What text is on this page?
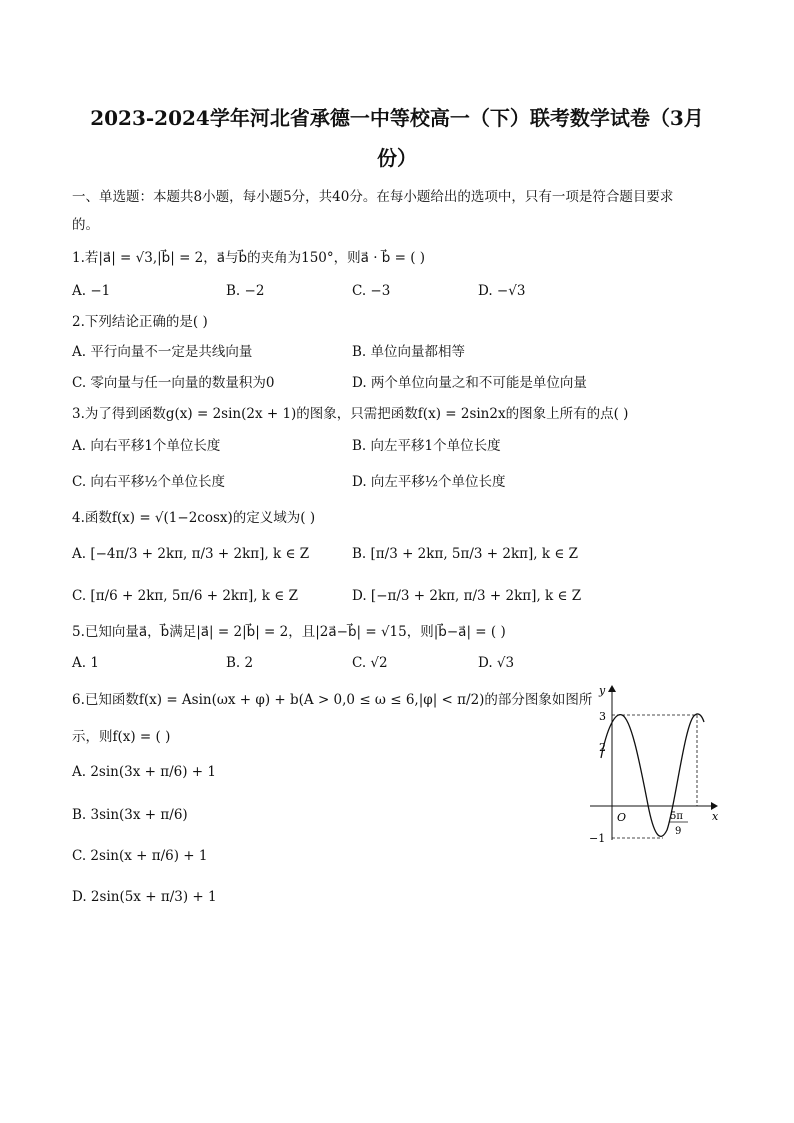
2023-2024学年河北省承德一中等校高一（下）联考数学试卷（3月
份）
一、单选题：本题共8小题，每小题5分，共40分。在每小题给出的选项中，只有一项是符合题目要求
的。
1.若|a⃗| = √3,|b⃗| = 2，a⃗与b⃗的夹角为150°，则a⃗ · b⃗ = ( )
A. −1	B. −2	C. −3	D. −√3
2.下列结论正确的是( )
A. 平行向量不一定是共线向量	B. 单位向量都相等
C. 零向量与任一向量的数量积为0	D. 两个单位向量之和不可能是单位向量
3.为了得到函数g(x) = 2sin(2x + 1)的图象，只需把函数f(x) = 2sin2x的图象上所有的点( )
A. 向右平移1个单位长度	B. 向左平移1个单位长度
C. 向右平移½个单位长度	D. 向左平移½个单位长度
4.函数f(x) = √(1−2cosx)的定义域为( )
A. [−4π/3 + 2kπ, π/3 + 2kπ], k ∈ Z	B. [π/3 + 2kπ, 5π/3 + 2kπ], k ∈ Z
C. [π/6 + 2kπ, 5π/6 + 2kπ], k ∈ Z	D. [−π/3 + 2kπ, π/3 + 2kπ], k ∈ Z
5.已知向量a⃗，b⃗满足|a⃗| = 2|b⃗| = 2，且|2a⃗−b⃗| = √15，则|b⃗−a⃗| = ( )
A. 1	B. 2	C. √2	D. √3
6.已知函数f(x) = Asin(ωx + φ) + b(A > 0,0 ≤ ω ≤ 6,|φ| < π/2)的部分图象如图所
示，则f(x) = ( )
A. 2sin(3x + π/6) + 1
B. 3sin(3x + π/6)
C. 2sin(x + π/6) + 1
D. 2sin(5x + π/3) + 1
y
x
O
3
2
−1
5π
9
